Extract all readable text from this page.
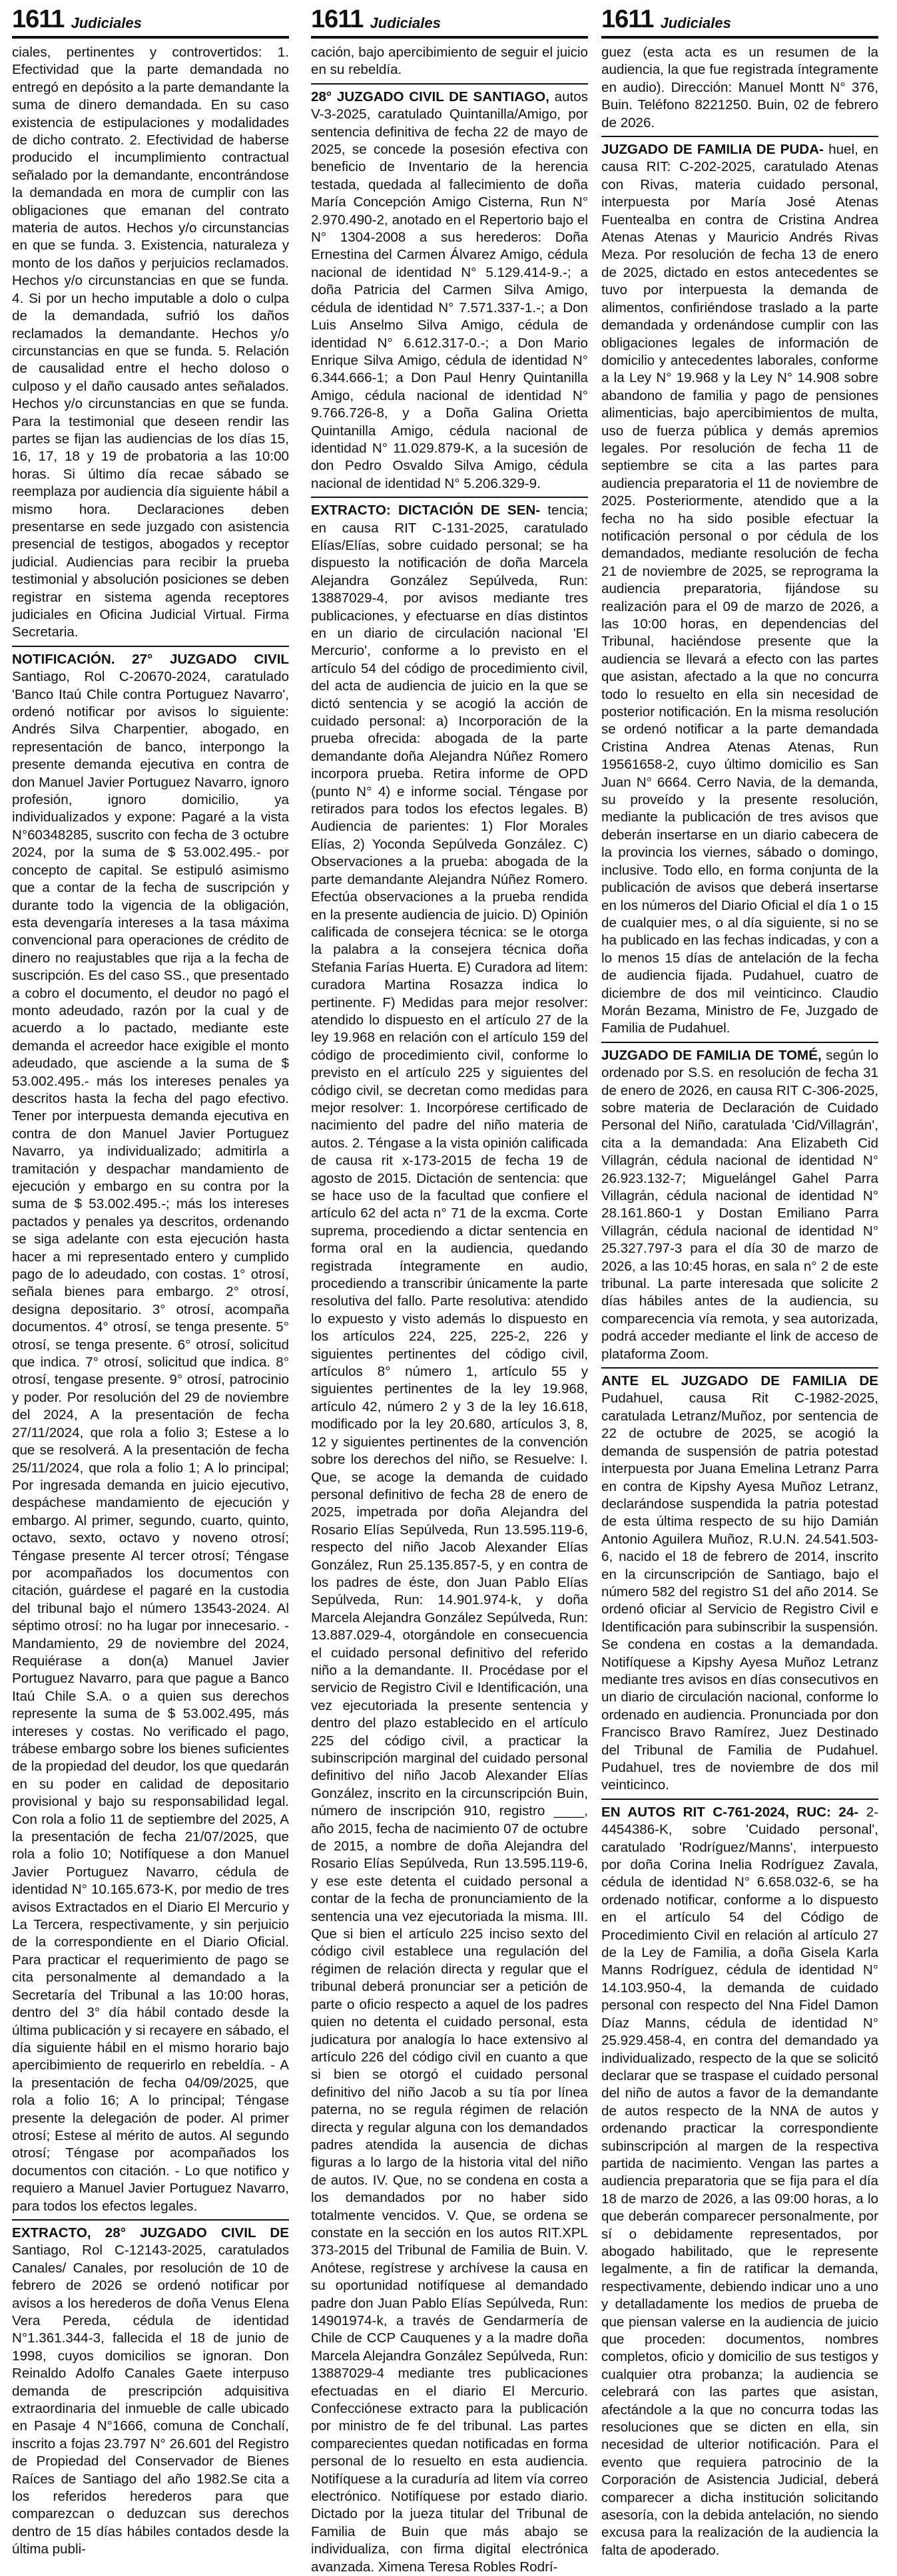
1611 Judiciales

ciales, pertinentes y controvertidos: 1. Efectividad que la parte demandada no entregó en depósito a la parte demandante la suma de dinero demandada. En su caso existencia de estipulaciones y modalidades de dicho contrato. 2. Efectividad de haberse producido el incumplimiento contractual señalado por la demandante, encontrándose la demandada en mora de cumplir con las obligaciones que emanan del contrato materia de autos. Hechos y/o circunstancias en que se funda. 3. Existencia, naturaleza y monto de los daños y perjuicios reclamados. Hechos y/o circunstancias en que se funda. 4. Si por un hecho imputable a dolo o culpa de la demandada, sufrió los daños reclamados la demandante. Hechos y/o circunstancias en que se funda. 5. Relación de causalidad entre el hecho doloso o culposo y el daño causado antes señalados. Hechos y/o circunstancias en que se funda. Para la testimonial que deseen rendir las partes se fijan las audiencias de los días 15, 16, 17, 18 y 19 de probatoria a las 10:00 horas. Si último día recae sábado se reemplaza por audiencia día siguiente hábil a mismo hora. Declaraciones deben presentarse en sede juzgado con asistencia presencial de testigos, abogados y receptor judicial. Audiencias para recibir la prueba testimonial y absolución posiciones se deben registrar en sistema agenda receptores judiciales en Oficina Judicial Virtual. Firma Secretaria.

NOTIFICACIÓN. 27° JUZGADO CIVIL Santiago, Rol C-20670-2024, caratulado 'Banco Itaú Chile contra Portuguez Navarro', ordenó notificar por avisos lo siguiente: Andrés Silva Charpentier, abogado, en representación de banco, interpongo la presente demanda ejecutiva en contra de don Manuel Javier Portuguez Navarro, ignoro profesión, ignoro domicilio, ya individualizados y expone: Pagaré a la vista N°60348285, suscrito con fecha de 3 octubre 2024, por la suma de $ 53.002.495.- por concepto de capital. Se estipuló asimismo que a contar de la fecha de suscripción y durante todo la vigencia de la obligación, esta devengaría intereses a la tasa máxima convencional para operaciones de crédito de dinero no reajustables que rija a la fecha de suscripción. Es del caso SS., que presentado a cobro el documento, el deudor no pagó el monto adeudado, razón por la cual y de acuerdo a lo pactado, mediante este demanda el acreedor hace exigible el monto adeudado, que asciende a la suma de $ 53.002.495.- más los intereses penales ya descritos hasta la fecha del pago efectivo. Tener por interpuesta demanda ejecutiva en contra de don Manuel Javier Portuguez Navarro, ya individualizado; admitirla a tramitación y despachar mandamiento de ejecución y embargo en su contra por la suma de $ 53.002.495.-; más los intereses pactados y penales ya descritos, ordenando se siga adelante con esta ejecución hasta hacer a mi representado entero y cumplido pago de lo adeudado, con costas. 1° otrosí, señala bienes para embargo. 2° otrosí, designa depositario. 3° otrosí, acompaña documentos. 4° otrosí, se tenga presente. 5° otrosí, se tenga presente. 6° otrosí, solicitud que indica. 7° otrosí, solicitud que indica. 8° otrosí, tengase presente. 9° otrosí, patrocinio y poder. Por resolución del 29 de noviembre del 2024, A la presentación de fecha 27/11/2024, que rola a folio 3; Estese a lo que se resolverá. A la presentación de fecha 25/11/2024, que rola a folio 1; A lo principal; Por ingresada demanda en juicio ejecutivo, despáchese mandamiento de ejecución y embargo. Al primer, segundo, cuarto, quinto, octavo, sexto, octavo y noveno otrosí; Téngase presente Al tercer otrosí; Téngase por acompañados los documentos con citación, guárdese el pagaré en la custodia del tribunal bajo el número 13543-2024. Al séptimo otrosí: no ha lugar por innecesario. - Mandamiento, 29 de noviembre del 2024, Requiérase a don(a) Manuel Javier Portuguez Navarro, para que pague a Banco Itaú Chile S.A. o a quien sus derechos represente la suma de $ 53.002.495, más intereses y costas. No verificado el pago, trábese embargo sobre los bienes suficientes de la propiedad del deudor, los que quedarán en su poder en calidad de depositario provisional y bajo su responsabilidad legal. Con rola a folio 11 de septiembre del 2025, A la presentación de fecha 21/07/2025, que rola a folio 10; Notifíquese a don Manuel Javier Portuguez Navarro, cédula de identidad N° 10.165.673-K, por medio de tres avisos Extractados en el Diario El Mercurio y La Tercera, respectivamente, y sin perjuicio de la correspondiente en el Diario Oficial. Para practicar el requerimiento de pago se cita personalmente al demandado a la Secretaría del Tribunal a las 10:00 horas, dentro del 3° día hábil contado desde la última publicación y si recayere en sábado, el día siguiente hábil en el mismo horario bajo apercibimiento de requerirlo en rebeldía. - A la presentación de fecha 04/09/2025, que rola a folio 16; A lo principal; Téngase presente la delegación de poder. Al primer otrosí; Estese al mérito de autos. Al segundo otrosí; Téngase por acompañados los documentos con citación. - Lo que notifico y requiero a Manuel Javier Portuguez Navarro, para todos los efectos legales.

EXTRACTO, 28° JUZGADO CIVIL DE Santiago, Rol C-12143-2025, caratulados Canales/ Canales, por resolución de 10 de febrero de 2026 se ordenó notificar por avisos a los herederos de doña Venus Elena Vera Pereda, cédula de identidad N°1.361.344-3, fallecida el 18 de junio de 1998, cuyos domicilios se ignoran. Don Reinaldo Adolfo Canales Gaete interpuso demanda de prescripción adquisitiva extraordinaria del inmueble de calle ubicado en Pasaje 4 N°1666, comuna de Conchalí, inscrito a fojas 23.797 N° 26.601 del Registro de Propiedad del Conservador de Bienes Raíces de Santiago del año 1982.Se cita a los referidos herederos para que comparezcan o deduzcan sus derechos dentro de 15 días hábiles contados desde la última publi-

1611 Judiciales

cación, bajo apercibimiento de seguir el juicio en su rebeldía.

28° JUZGADO CIVIL DE SANTIAGO, autos V-3-2025, caratulado Quintanilla/Amigo, por sentencia definitiva de fecha 22 de mayo de 2025, se concede la posesión efectiva con beneficio de Inventario de la herencia testada, quedada al fallecimiento de doña María Concepción Amigo Cisterna, Run N° 2.970.490-2, anotado en el Repertorio bajo el N° 1304-2008 a sus herederos: Doña Ernestina del Carmen Álvarez Amigo, cédula nacional de identidad N° 5.129.414-9.-; a doña Patricia del Carmen Silva Amigo, cédula de identidad N° 7.571.337-1.-; a Don Luis Anselmo Silva Amigo, cédula de identidad N° 6.612.317-0.-; a Don Mario Enrique Silva Amigo, cédula de identidad N° 6.344.666-1; a Don Paul Henry Quintanilla Amigo, cédula nacional de identidad N° 9.766.726-8, y a Doña Galina Orietta Quintanilla Amigo, cédula nacional de identidad N° 11.029.879-K, a la sucesión de don Pedro Osvaldo Silva Amigo, cédula nacional de identidad N° 5.206.329-9.

EXTRACTO: DICTACIÓN DE SEN- tencia; en causa RIT C-131-2025, caratulado Elías/Elías, sobre cuidado personal; se ha dispuesto la notificación de doña Marcela Alejandra González Sepúlveda, Run: 13887029-4, por avisos mediante tres publicaciones, y efectuarse en días distintos en un diario de circulación nacional 'El Mercurio', conforme a lo previsto en el artículo 54 del código de procedimiento civil, del acta de audiencia de juicio en la que se dictó sentencia y se acogió la acción de cuidado personal: a) Incorporación de la prueba ofrecida: abogada de la parte demandante doña Alejandra Núñez Romero incorpora prueba. Retira informe de OPD (punto N° 4) e informe social. Téngase por retirados para todos los efectos legales. B) Audiencia de parientes: 1) Flor Morales Elías, 2) Yoconda Sepúlveda González. C) Observaciones a la prueba: abogada de la parte demandante Alejandra Núñez Romero. Efectúa observaciones a la prueba rendida en la presente audiencia de juicio. D) Opinión calificada de consejera técnica: se le otorga la palabra a la consejera técnica doña Stefania Farías Huerta. E) Curadora ad litem: curadora Martina Rosazza indica lo pertinente. F) Medidas para mejor resolver: atendido lo dispuesto en el artículo 27 de la ley 19.968 en relación con el artículo 159 del código de procedimiento civil, conforme lo previsto en el artículo 225 y siguientes del código civil, se decretan como medidas para mejor resolver: 1. Incorpórese certificado de nacimiento del padre del niño materia de autos. 2. Téngase a la vista opinión calificada de causa rit x-173-2015 de fecha 19 de agosto de 2015. Dictación de sentencia: que se hace uso de la facultad que confiere el artículo 62 del acta n° 71 de la excma. Corte suprema, procediendo a dictar sentencia en forma oral en la audiencia, quedando registrada íntegramente en audio, procediendo a transcribir únicamente la parte resolutiva del fallo. Parte resolutiva: atendido lo expuesto y visto además lo dispuesto en los artículos 224, 225, 225-2, 226 y siguientes pertinentes del código civil, artículos 8° número 1, artículo 55 y siguientes pertinentes de la ley 19.968, artículo 42, número 2 y 3 de la ley 16.618, modificado por la ley 20.680, artículos 3, 8, 12 y siguientes pertinentes de la convención sobre los derechos del niño, se Resuelve: I. Que, se acoge la demanda de cuidado personal definitivo de fecha 28 de enero de 2025, impetrada por doña Alejandra del Rosario Elías Sepúlveda, Run 13.595.119-6, respecto del niño Jacob Alexander Elías González, Run 25.135.857-5, y en contra de los padres de éste, don Juan Pablo Elías Sepúlveda, Run: 14.901.974-k, y doña Marcela Alejandra González Sepúlveda, Run: 13.887.029-4, otorgándole en consecuencia el cuidado personal definitivo del referido niño a la demandante. II. Procédase por el servicio de Registro Civil e Identificación, una vez ejecutoriada la presente sentencia y dentro del plazo establecido en el artículo 225 del código civil, a practicar la subinscripción marginal del cuidado personal definitivo del niño Jacob Alexander Elías González, inscrito en la circunscripción Buin, número de inscripción 910, registro ____, año 2015, fecha de nacimiento 07 de octubre de 2015, a nombre de doña Alejandra del Rosario Elías Sepúlveda, Run 13.595.119-6, y ese este detenta el cuidado personal a contar de la fecha de pronunciamiento de la sentencia una vez ejecutoriada la misma. III. Que si bien el artículo 225 inciso sexto del código civil establece una regulación del régimen de relación directa y regular que el tribunal deberá pronunciar ser a petición de parte o oficio respecto a aquel de los padres quien no detenta el cuidado personal, esta judicatura por analogía lo hace extensivo al artículo 226 del código civil en cuanto a que si bien se otorgó el cuidado personal definitivo del niño Jacob a su tía por línea paterna, no se regula régimen de relación directa y regular alguna con los demandados padres atendida la ausencia de dichas figuras a lo largo de la historia vital del niño de autos. IV. Que, no se condena en costa a los demandados por no haber sido totalmente vencidos. V. Que, se ordena se constate en la sección en los autos RIT.XPL 373-2015 del Tribunal de Familia de Buin. V. Anótese, regístrese y archívese la causa en su oportunidad notifíquese al demandado padre don Juan Pablo Elías Sepúlveda, Run: 14901974-k, a través de Gendarmería de Chile de CCP Cauquenes y a la madre doña Marcela Alejandra González Sepúlveda, Run: 13887029-4 mediante tres publicaciones efectuadas en el diario El Mercurio. Confecciónese extracto para la publicación por ministro de fe del tribunal. Las partes comparecientes quedan notificadas en forma personal de lo resuelto en esta audiencia. Notifíquese a la curaduría ad litem vía correo electrónico. Notifíquese por estado diario. Dictado por la jueza titular del Tribunal de Familia de Buin que más abajo se individualiza, con firma digital electrónica avanzada. Ximena Teresa Robles Rodrí-

1611 Judiciales

guez (esta acta es un resumen de la audiencia, la que fue registrada íntegramente en audio). Dirección: Manuel Montt N° 376, Buin. Teléfono 8221250. Buin, 02 de febrero de 2026.

JUZGADO DE FAMILIA DE PUDA- huel, en causa RIT: C-202-2025, caratulado Atenas con Rivas, materia cuidado personal, interpuesta por María José Atenas Fuentealba en contra de Cristina Andrea Atenas Atenas y Mauricio Andrés Rivas Meza. Por resolución de fecha 13 de enero de 2025, dictado en estos antecedentes se tuvo por interpuesta la demanda de alimentos, confiriéndose traslado a la parte demandada y ordenándose cumplir con las obligaciones legales de información de domicilio y antecedentes laborales, conforme a la Ley N° 19.968 y la Ley N° 14.908 sobre abandono de familia y pago de pensiones alimenticias, bajo apercibimientos de multa, uso de fuerza pública y demás apremios legales. Por resolución de fecha 11 de septiembre se cita a las partes para audiencia preparatoria el 11 de noviembre de 2025. Posteriormente, atendido que a la fecha no ha sido posible efectuar la notificación personal o por cédula de los demandados, mediante resolución de fecha 21 de noviembre de 2025, se reprograma la audiencia preparatoria, fijándose su realización para el 09 de marzo de 2026, a las 10:00 horas, en dependencias del Tribunal, haciéndose presente que la audiencia se llevará a efecto con las partes que asistan, afectado a la que no concurra todo lo resuelto en ella sin necesidad de posterior notificación. En la misma resolución se ordenó notificar a la parte demandada Cristina Andrea Atenas Atenas, Run 19561658-2, cuyo último domicilio es San Juan N° 6664. Cerro Navia, de la demanda, su proveído y la presente resolución, mediante la publicación de tres avisos que deberán insertarse en un diario cabecera de la provincia los viernes, sábado o domingo, inclusive. Todo ello, en forma conjunta de la publicación de avisos que deberá insertarse en los números del Diario Oficial el día 1 o 15 de cualquier mes, o al día siguiente, si no se ha publicado en las fechas indicadas, y con a lo menos 15 días de antelación de la fecha de audiencia fijada. Pudahuel, cuatro de diciembre de dos mil veinticinco. Claudio Morán Bezama, Ministro de Fe, Juzgado de Familia de Pudahuel.

JUZGADO DE FAMILIA DE TOMÉ, según lo ordenado por S.S. en resolución de fecha 31 de enero de 2026, en causa RIT C-306-2025, sobre materia de Declaración de Cuidado Personal del Niño, caratulada 'Cid/Villagrán', cita a la demandada: Ana Elizabeth Cid Villagrán, cédula nacional de identidad N° 26.923.132-7; Miguelángel Gahel Parra Villagrán, cédula nacional de identidad N° 28.161.860-1 y Dostan Emiliano Parra Villagrán, cédula nacional de identidad N° 25.327.797-3 para el día 30 de marzo de 2026, a las 10:45 horas, en sala n° 2 de este tribunal. La parte interesada que solicite 2 días hábiles antes de la audiencia, su comparecencia vía remota, y sea autorizada, podrá acceder mediante el link de acceso de plataforma Zoom.

ANTE EL JUZGADO DE FAMILIA DE Pudahuel, causa Rit C-1982-2025, caratulada Letranz/Muñoz, por sentencia de 22 de octubre de 2025, se acogió la demanda de suspensión de patria potestad interpuesta por Juana Emelina Letranz Parra en contra de Kipshy Ayesa Muñoz Letranz, declarándose suspendida la patria potestad de esta última respecto de su hijo Damián Antonio Aguilera Muñoz, R.U.N. 24.541.503-6, nacido el 18 de febrero de 2014, inscrito en la circunscripción de Santiago, bajo el número 582 del registro S1 del año 2014. Se ordenó oficiar al Servicio de Registro Civil e Identificación para subinscribir la suspensión. Se condena en costas a la demandada. Notifíquese a Kipshy Ayesa Muñoz Letranz mediante tres avisos en días consecutivos en un diario de circulación nacional, conforme lo ordenado en audiencia. Pronunciada por don Francisco Bravo Ramírez, Juez Destinado del Tribunal de Familia de Pudahuel. Pudahuel, tres de noviembre de dos mil veinticinco.

EN AUTOS RIT C-761-2024, RUC: 24- 2-4454386-K, sobre 'Cuidado personal', caratulado 'Rodríguez/Manns', interpuesto por doña Corina Inelia Rodríguez Zavala, cédula de identidad N° 6.658.032-6, se ha ordenado notificar, conforme a lo dispuesto en el artículo 54 del Código de Procedimiento Civil en relación al artículo 27 de la Ley de Familia, a doña Gisela Karla Manns Rodríguez, cédula de identidad N° 14.103.950-4, la demanda de cuidado personal con respecto del Nna Fidel Damon Díaz Manns, cédula de identidad N° 25.929.458-4, en contra del demandado ya individualizado, respecto de la que se solicitó declarar que se traspase el cuidado personal del niño de autos a favor de la demandante de autos respecto de la NNA de autos y ordenando practicar la correspondiente subinscripción al margen de la respectiva partida de nacimiento. Vengan las partes a audiencia preparatoria que se fija para el día 18 de marzo de 2026, a las 09:00 horas, a lo que deberán comparecer personalmente, por sí o debidamente representados, por abogado habilitado, que le represente legalmente, a fin de ratificar la demanda, respectivamente, debiendo indicar uno a uno y detalladamente los medios de prueba de que piensan valerse en la audiencia de juicio que proceden: documentos, nombres completos, oficio y domicilio de sus testigos y cualquier otra probanza; la audiencia se celebrará con las partes que asistan, afectándole a la que no concurra todas las resoluciones que se dicten en ella, sin necesidad de ulterior notificación. Para el evento que requiera patrocinio de la Corporación de Asistencia Judicial, deberá comparecer a dicha institución solicitando asesoría, con la debida antelación, no siendo excusa para la realización de la audiencia la falta de apoderado.
